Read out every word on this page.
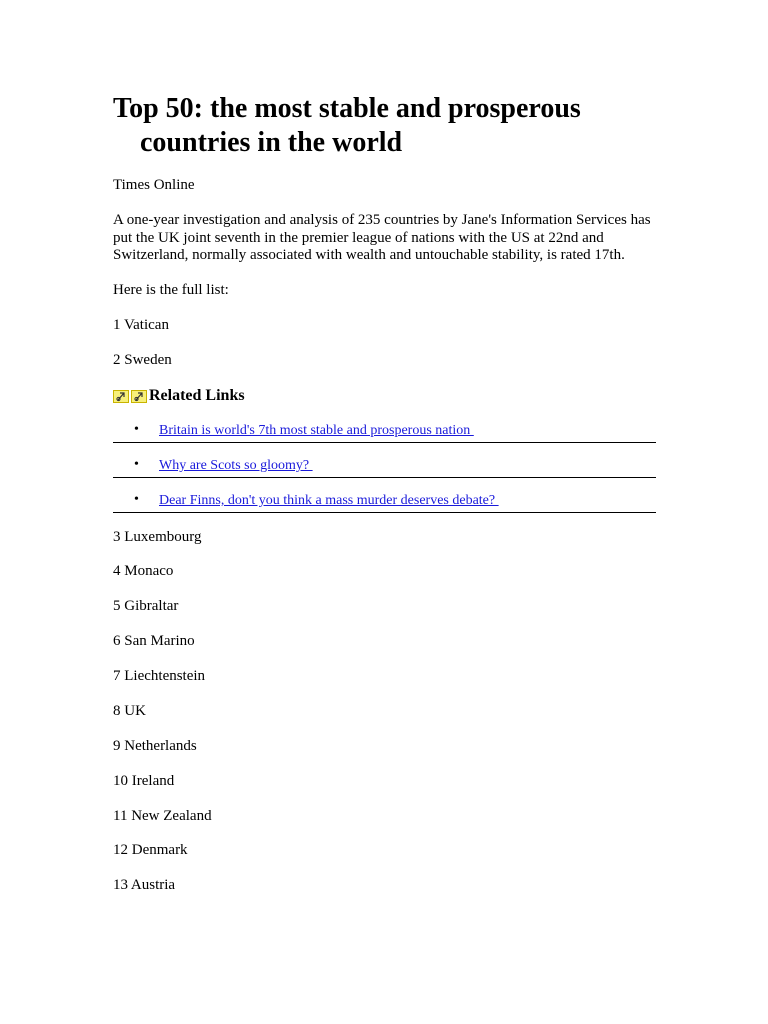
Top 50: the most stable and prosperous countries in the world

Times Online

A one-year investigation and analysis of 235 countries by Jane's Information Services has put the UK joint seventh in the premier league of nations with the US at 22nd and Switzerland, normally associated with wealth and untouchable stability, is rated 17th.

Here is the full list:

1 Vatican

2 Sweden

Related Links
• Britain is world's 7th most stable and prosperous nation
• Why are Scots so gloomy?
• Dear Finns, don't you think a mass murder deserves debate?

3 Luxembourg

4 Monaco

5 Gibraltar

6 San Marino

7 Liechtenstein

8 UK

9 Netherlands

10 Ireland

11 New Zealand

12 Denmark

13 Austria
